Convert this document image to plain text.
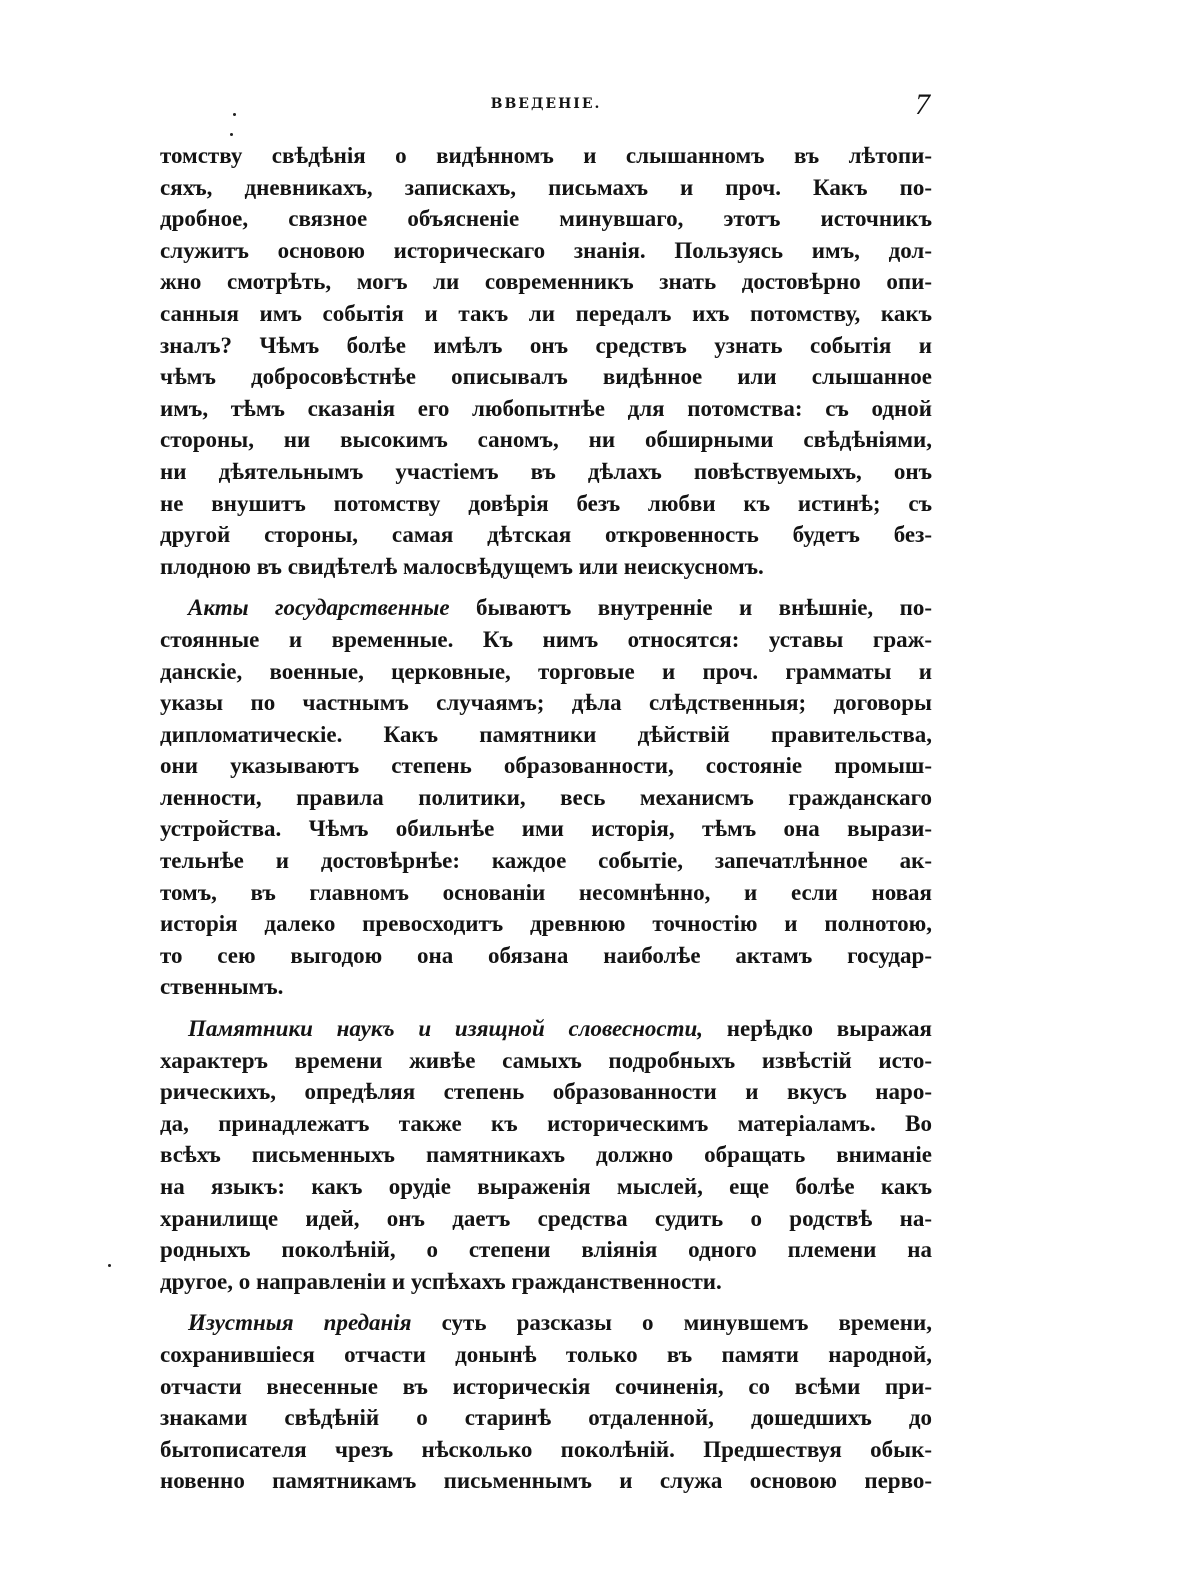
ВВЕДЕНІЕ.	7
томству свѣдѣнія о видѣнномъ и слышанномъ въ лѣтопи-
сяхъ, дневникахъ, запискахъ, письмахъ и проч. Какъ по-
дробное, связное объясненіе минувшаго, этотъ источникъ
служитъ основою историческаго знанія. Пользуясь имъ, дол-
жно смотрѣть, могъ ли современникъ знать достовѣрно опи-
санныя имъ событія и такъ ли передалъ ихъ потомству, какъ
зналъ? Чѣмъ болѣе имѣлъ онъ средствъ узнать событія и
чѣмъ добросовѣстнѣе описывалъ видѣнное или слышанное
имъ, тѣмъ сказанія его любопытнѣе для потомства: съ одной
стороны, ни высокимъ саномъ, ни обширными свѣдѣніями,
ни дѣятельнымъ участіемъ въ дѣлахъ повѣствуемыхъ, онъ
не внушитъ потомству довѣрія безъ любви къ истинѣ; съ
другой стороны, самая дѣтская откровенность будетъ без-
плодною въ свидѣтелѣ малосвѣдущемъ или неискусномъ.
Акты государственные бываютъ внутренніе и внѣшніе, по-
стоянные и временные. Къ нимъ относятся: уставы граж-
данскіе, военные, церковные, торговые и проч. грамматы и
указы по частнымъ случаямъ; дѣла слѣдственныя; договоры
дипломатическіе. Какъ памятники дѣйствій правительства,
они указываютъ степень образованности, состояніе промыш-
ленности, правила политики, весь механисмъ гражданскаго
устройства. Чѣмъ обильнѣе ими исторія, тѣмъ она вырази-
тельнѣе и достовѣрнѣе: каждое событіе, запечатлѣнное ак-
томъ, въ главномъ основаніи несомнѣнно, и если новая
исторія далеко превосходитъ древнюю точностію и полнотою,
то сею выгодою она обязана наиболѣе актамъ государ-
ственнымъ.
Памятники наукъ и изящной словесности, нерѣдко выражая
характеръ времени живѣе самыхъ подробныхъ извѣстій исто-
рическихъ, опредѣляя степень образованности и вкусъ наро-
да, принадлежатъ также къ историческимъ матеріаламъ. Во
всѣхъ письменныхъ памятникахъ должно обращать вниманіе
на языкъ: какъ орудіе выраженія мыслей, еще болѣе какъ
хранилище идей, онъ даетъ средства судить о родствѣ на-
родныхъ поколѣній, о степени вліянія одного племени на
другое, о направленіи и успѣхахъ гражданственности.
Изустныя преданія суть разсказы о минувшемъ времени,
сохранившіеся отчасти донынѣ только въ памяти народной,
отчасти внесенные въ историческія сочиненія, со всѣми при-
знаками свѣдѣній о старинѣ отдаленной, дошедшихъ до
бытописателя чрезъ нѣсколько поколѣній. Предшествуя обык-
новенно памятникамъ письменнымъ и служа основою перво-
